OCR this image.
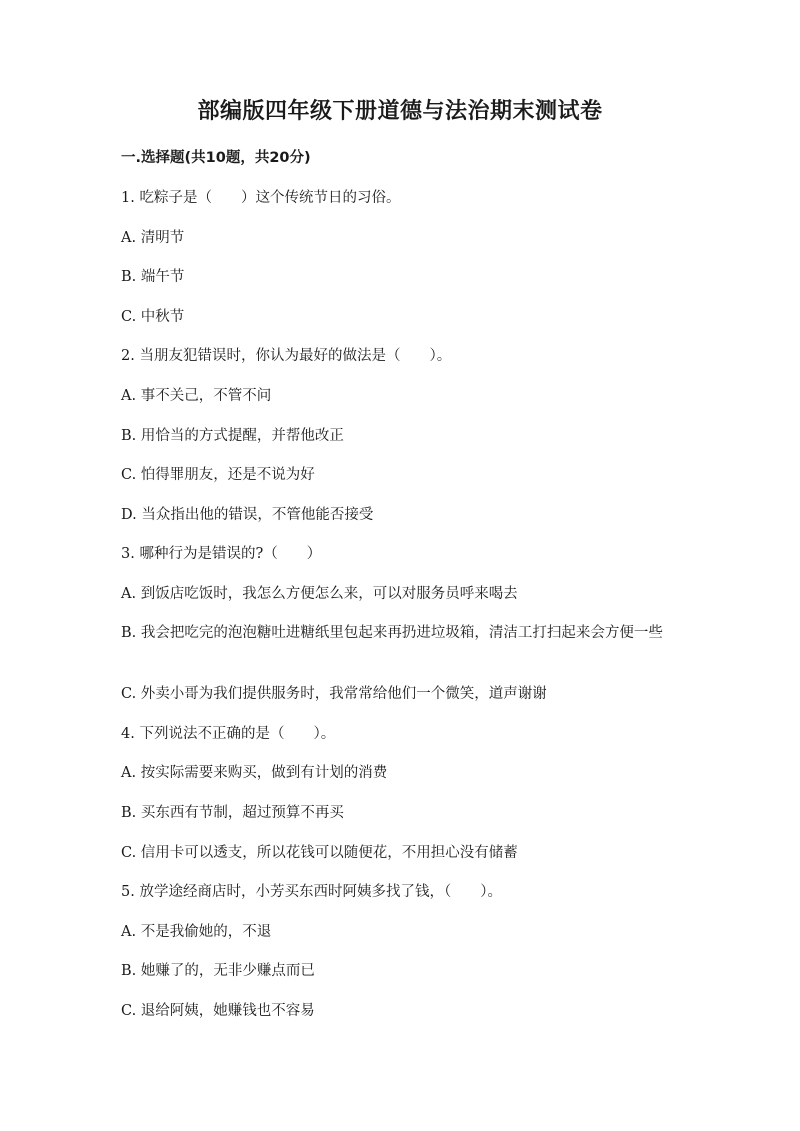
部编版四年级下册道德与法治期末测试卷
一.选择题(共10题，共20分)
1. 吃粽子是（　　）这个传统节日的习俗。
A. 清明节
B. 端午节
C. 中秋节
2. 当朋友犯错误时，你认为最好的做法是（　　）。
A. 事不关己，不管不问
B. 用恰当的方式提醒，并帮他改正
C. 怕得罪朋友，还是不说为好
D. 当众指出他的错误，不管他能否接受
3. 哪种行为是错误的?（　　）
A. 到饭店吃饭时，我怎么方便怎么来，可以对服务员呼来喝去
B. 我会把吃完的泡泡糖吐进糖纸里包起来再扔进垃圾箱，清洁工打扫起来会方便一些
C. 外卖小哥为我们提供服务时，我常常给他们一个微笑，道声谢谢
4. 下列说法不正确的是（　　）。
A. 按实际需要来购买，做到有计划的消费
B. 买东西有节制，超过预算不再买
C. 信用卡可以透支，所以花钱可以随便花，不用担心没有储蓄
5. 放学途经商店时，小芳买东西时阿姨多找了钱，（　　）。
A. 不是我偷她的，不退
B. 她赚了的，无非少赚点而已
C. 退给阿姨，她赚钱也不容易
